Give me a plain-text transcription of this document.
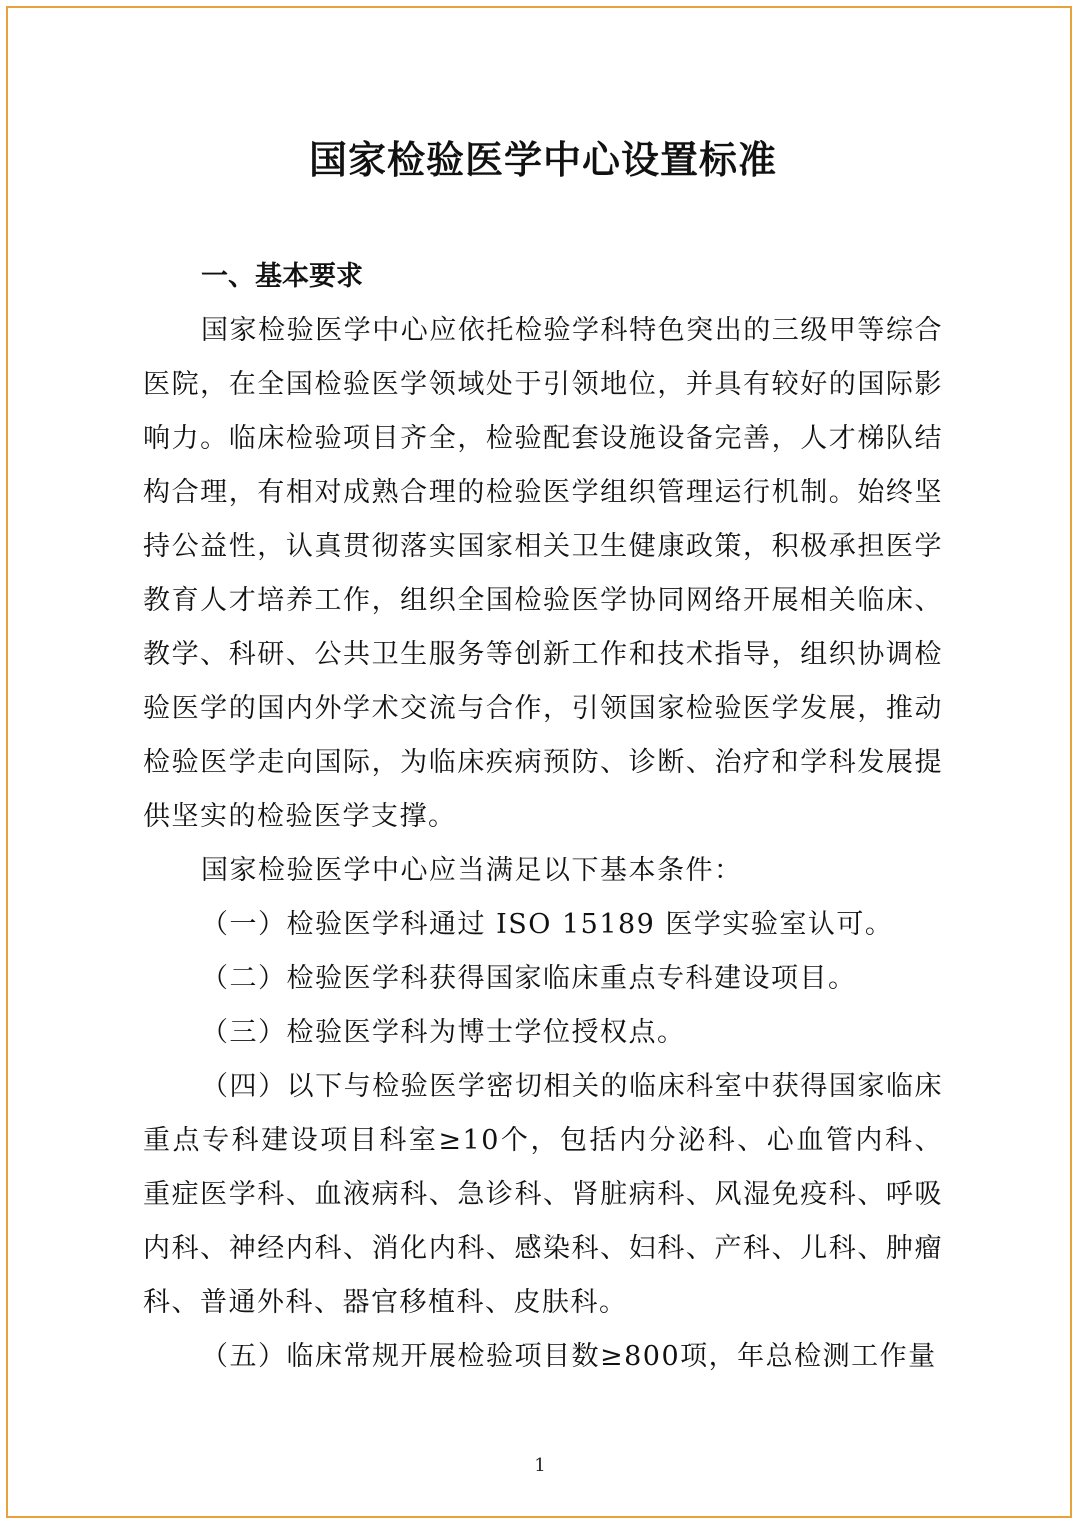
国家检验医学中心设置标准

一、基本要求

国家检验医学中心应依托检验学科特色突出的三级甲等综合医院，在全国检验医学领域处于引领地位，并具有较好的国际影响力。临床检验项目齐全，检验配套设施设备完善，人才梯队结构合理，有相对成熟合理的检验医学组织管理运行机制。始终坚持公益性，认真贯彻落实国家相关卫生健康政策，积极承担医学教育人才培养工作，组织全国检验医学协同网络开展相关临床、教学、科研、公共卫生服务等创新工作和技术指导，组织协调检验医学的国内外学术交流与合作，引领国家检验医学发展，推动检验医学走向国际，为临床疾病预防、诊断、治疗和学科发展提供坚实的检验医学支撑。

国家检验医学中心应当满足以下基本条件：

（一）检验医学科通过 ISO 15189 医学实验室认可。

（二）检验医学科获得国家临床重点专科建设项目。

（三）检验医学科为博士学位授权点。

（四）以下与检验医学密切相关的临床科室中获得国家临床重点专科建设项目科室≥10个，包括内分泌科、心血管内科、重症医学科、血液病科、急诊科、肾脏病科、风湿免疫科、呼吸内科、神经内科、消化内科、感染科、妇科、产科、儿科、肿瘤科、普通外科、器官移植科、皮肤科。

（五）临床常规开展检验项目数≥800项，年总检测工作量

1
